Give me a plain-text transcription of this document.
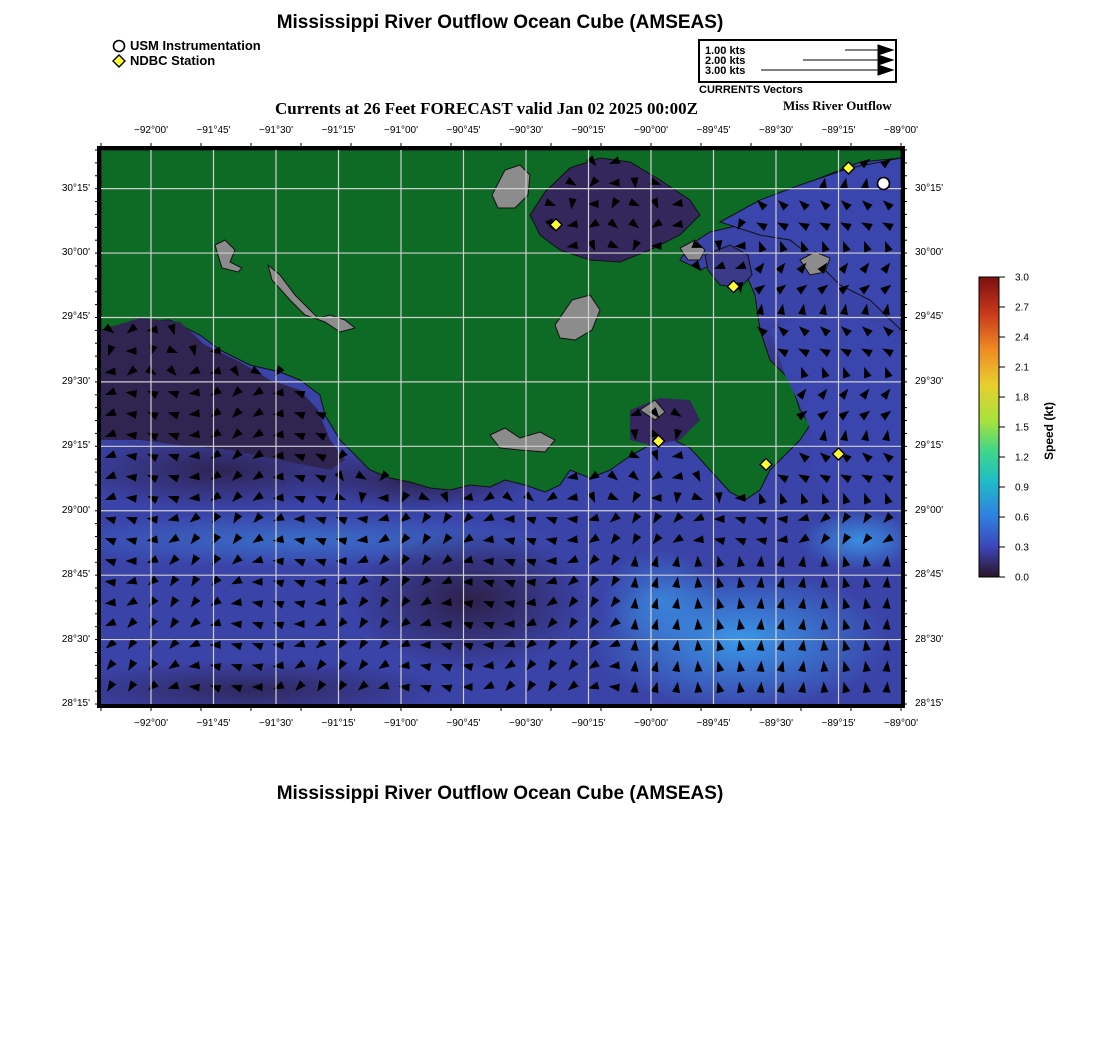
Mississippi River Outflow Ocean Cube (AMSEAS)
USM Instrumentation
NDBC Station
1.00 kts
2.00 kts
3.00 kts
CURRENTS Vectors
Currents at 26 Feet FORECAST valid Jan 02 2025 00:00Z	Miss River Outflow
−92°00'
−92°00'
−91°45'
−91°45'
−91°30'
−91°30'
−91°15'
−91°15'
−91°00'
−91°00'
−90°45'
−90°45'
−90°30'
−90°30'
−90°15'
−90°15'
−90°00'
−90°00'
−89°45'
−89°45'
−89°30'
−89°30'
−89°15'
−89°15'
−89°00'
−89°00'
30°15'	30°15'
30°00'	30°00'
29°45'	29°45'
29°30'	29°30'
29°15'	29°15'
29°00'	29°00'
28°45'	28°45'
28°30'	28°30'
28°15'	28°15'
3.0
2.7
2.4
2.1
1.8
1.5
1.2
0.9
0.6
0.3
0.0
Speed (kt)
Mississippi River Outflow Ocean Cube (AMSEAS)
